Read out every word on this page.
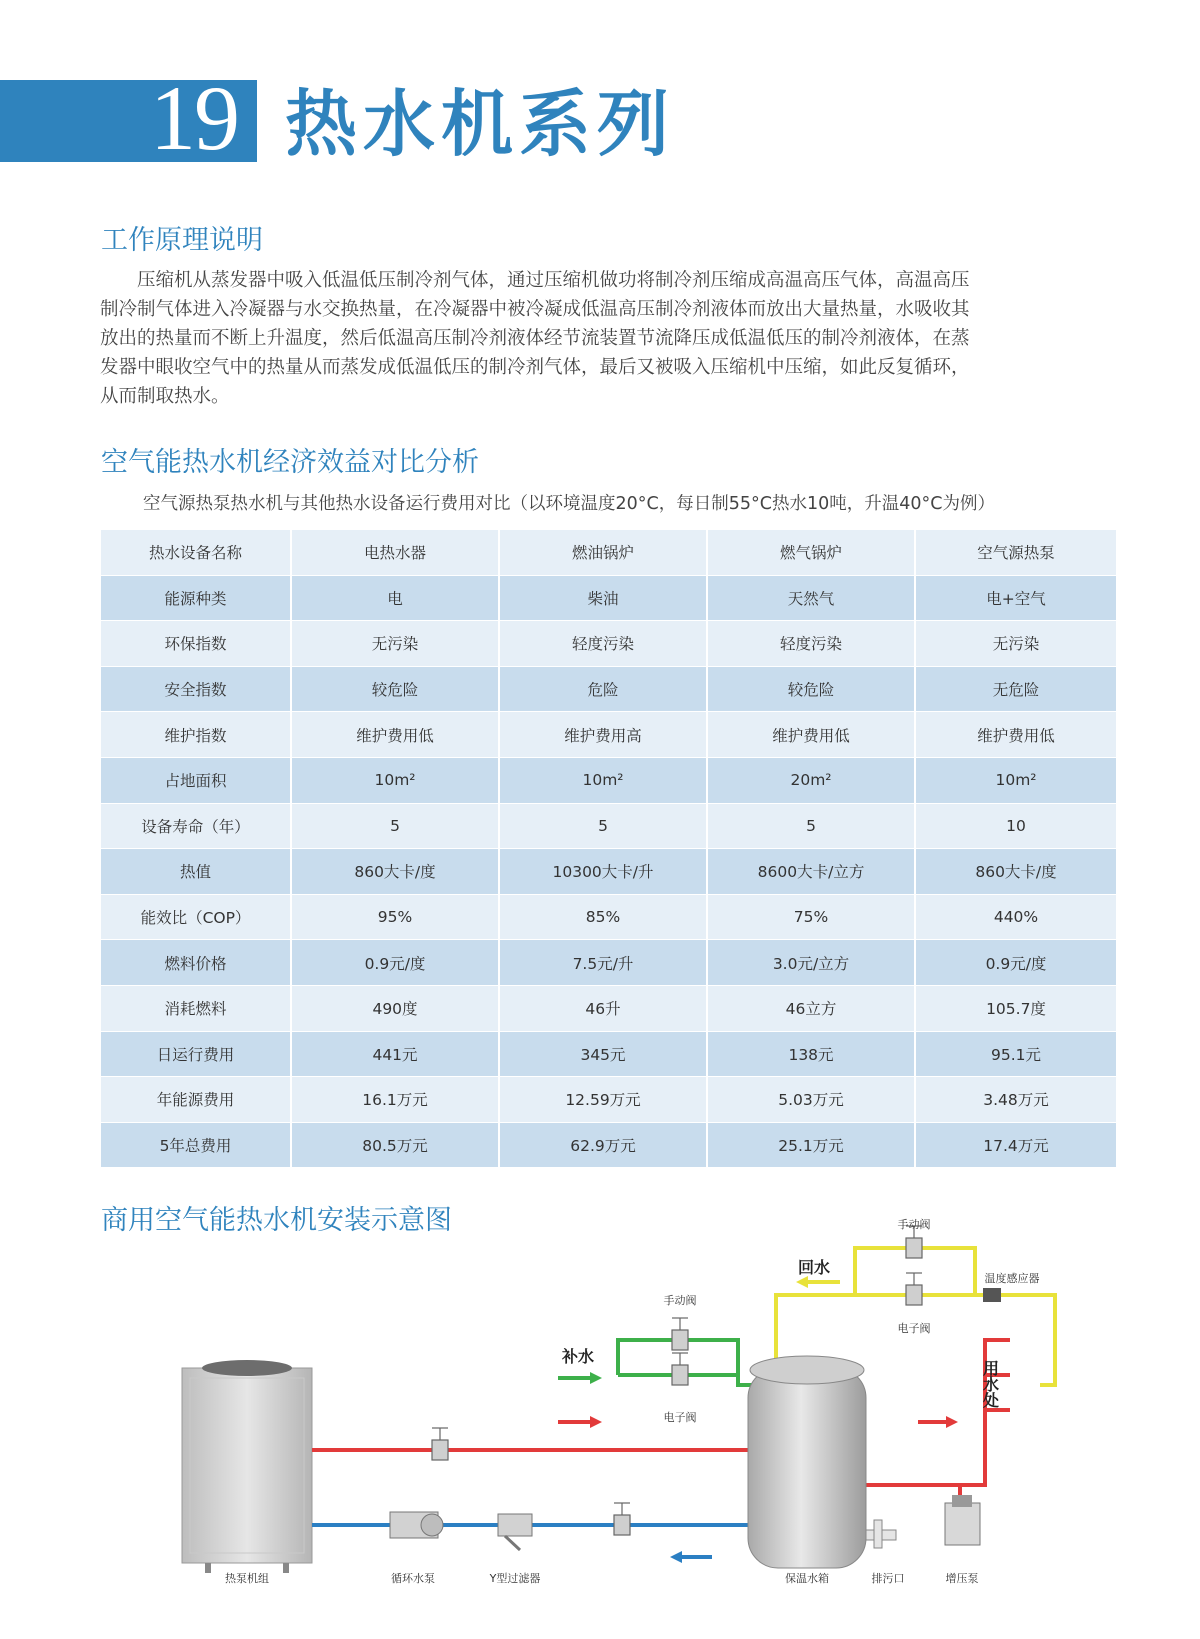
19 热水机系列
工作原理说明
　　压缩机从蒸发器中吸入低温低压制冷剂气体，通过压缩机做功将制冷剂压缩成高温高压气体，高温高压
制冷制气体进入冷凝器与水交换热量，在冷凝器中被冷凝成低温高压制冷剂液体而放出大量热量，水吸收其
放出的热量而不断上升温度，然后低温高压制冷剂液体经节流装置节流降压成低温低压的制冷剂液体，在蒸
发器中眼收空气中的热量从而蒸发成低温低压的制冷剂气体，最后又被吸入压缩机中压缩，如此反复循环，
从而制取热水。
空气能热水机经济效益对比分析
空气源热泵热水机与其他热水设备运行费用对比（以环境温度20°C，每日制55°C热水10吨，升温40°C为例）
热水设备名称	电热水器	燃油锅炉	燃气锅炉	空气源热泵
能源种类	电	柴油	天然气	电+空气
环保指数	无污染	轻度污染	轻度污染	无污染
安全指数	较危险	危险	较危险	无危险
维护指数	维护费用低	维护费用高	维护费用低	维护费用低
占地面积	10m²	10m²	20m²	10m²
设备寿命（年）	5	5	5	10
热值	860大卡/度	10300大卡/升	8600大卡/立方	860大卡/度
能效比（COP）	95%	85%	75%	440%
燃料价格	0.9元/度	7.5元/升	3.0元/立方	0.9元/度
消耗燃料	490度	46升	46立方	105.7度
日运行费用	441元	345元	138元	95.1元
年能源费用	16.1万元	12.59万元	5.03万元	3.48万元
5年总费用	80.5万元	62.9万元	25.1万元	17.4万元
商用空气能热水机安装示意图
热泵机组	循环水泵	Y型过滤器	保温水箱	排污口	增压泵
手动阀
电子阀
手动阀
电子阀
温度感应器
补水
回水
用水处
